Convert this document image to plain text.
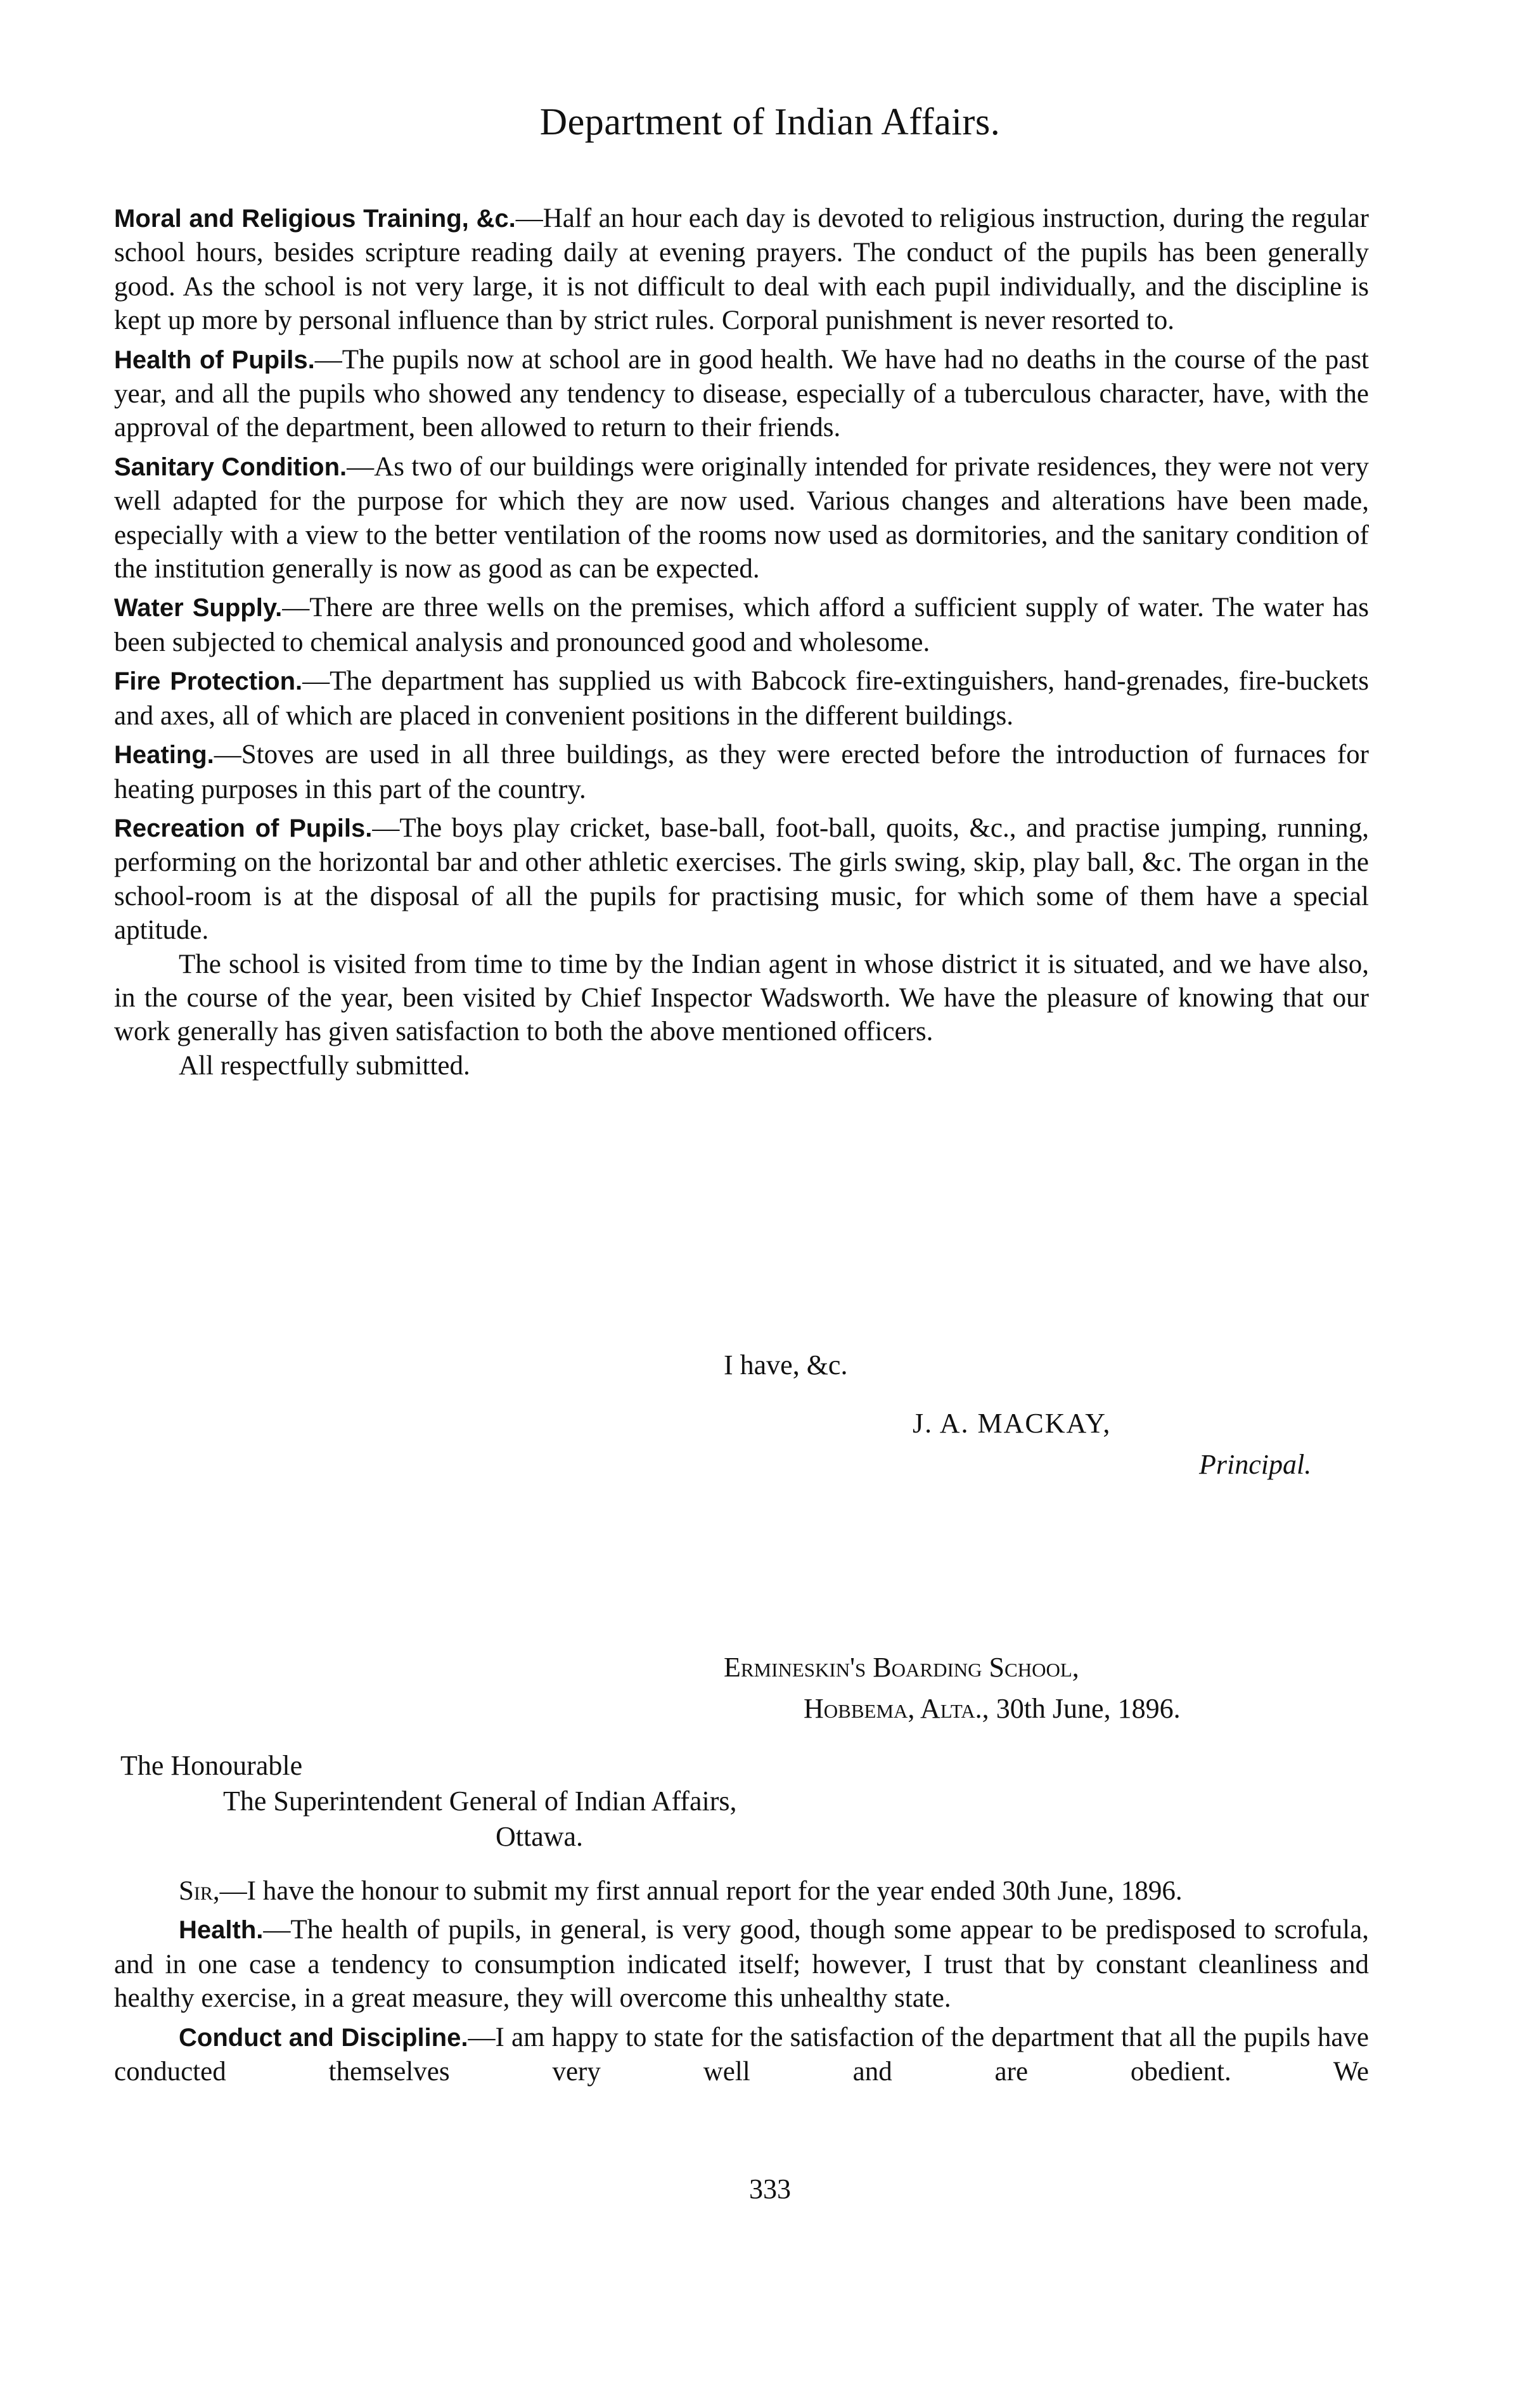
Department of Indian Affairs.

Moral and Religious Training, &c.—Half an hour each day is devoted to religious instruction, during the regular school hours, besides scripture reading daily at evening prayers. The conduct of the pupils has been generally good. As the school is not very large, it is not difficult to deal with each pupil individually, and the discipline is kept up more by personal influence than by strict rules. Corporal punishment is never resorted to.

Health of Pupils.—The pupils now at school are in good health. We have had no deaths in the course of the past year, and all the pupils who showed any tendency to disease, especially of a tuberculous character, have, with the approval of the department, been allowed to return to their friends.

Sanitary Condition.—As two of our buildings were originally intended for private residences, they were not very well adapted for the purpose for which they are now used. Various changes and alterations have been made, especially with a view to the better ventilation of the rooms now used as dormitories, and the sanitary condition of the institution generally is now as good as can be expected.

Water Supply.—There are three wells on the premises, which afford a sufficient supply of water. The water has been subjected to chemical analysis and pronounced good and wholesome.

Fire Protection.—The department has supplied us with Babcock fire-extinguishers, hand-grenades, fire-buckets and axes, all of which are placed in convenient positions in the different buildings.

Heating.—Stoves are used in all three buildings, as they were erected before the introduction of furnaces for heating purposes in this part of the country.

Recreation of Pupils.—The boys play cricket, base-ball, foot-ball, quoits, &c., and practise jumping, running, performing on the horizontal bar and other athletic exercises. The girls swing, skip, play ball, &c. The organ in the school-room is at the disposal of all the pupils for practising music, for which some of them have a special aptitude.

The school is visited from time to time by the Indian agent in whose district it is situated, and we have also, in the course of the year, been visited by Chief Inspector Wadsworth. We have the pleasure of knowing that our work generally has given satisfaction to both the above mentioned officers.

All respectfully submitted.

I have, &c.
J. A. MACKAY,
Principal.
Ermineskin's Boarding School,
Hobbema, Alta., 30th June, 1896.
The Honourable
The Superintendent General of Indian Affairs,
Ottawa.

Sir,—I have the honour to submit my first annual report for the year ended 30th June, 1896.

Health.—The health of pupils, in general, is very good, though some appear to be predisposed to scrofula, and in one case a tendency to consumption indicated itself; however, I trust that by constant cleanliness and healthy exercise, in a great measure, they will overcome this unhealthy state.

Conduct and Discipline.—I am happy to state for the satisfaction of the department that all the pupils have conducted themselves very well and are obedient. We

333
